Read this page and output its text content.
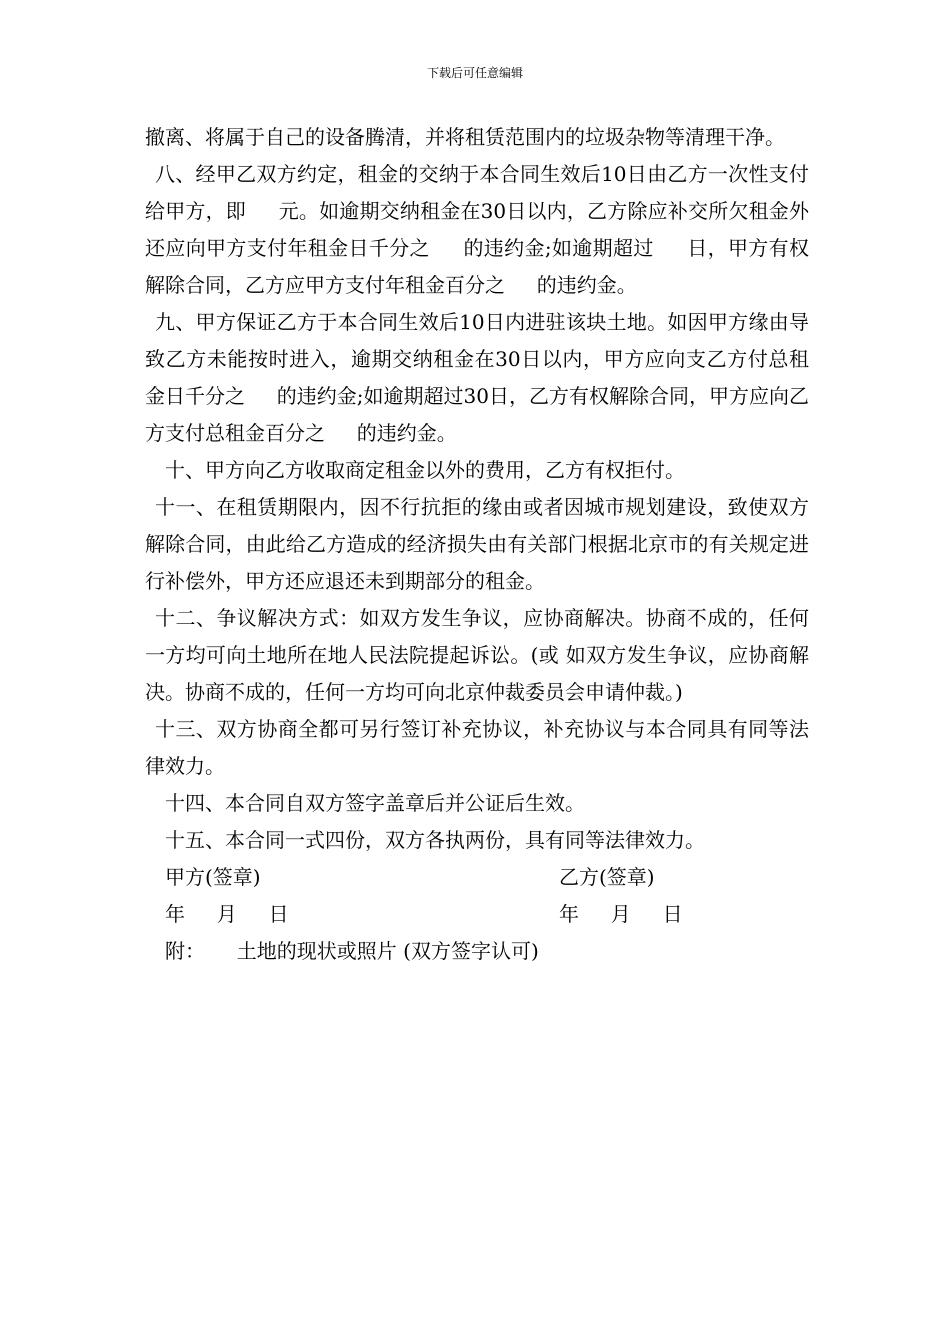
下载后可任意编辑

撤离、将属于自己的设备腾清，并将租赁范围内的垃圾杂物等清理干净。

八、经甲乙双方约定，租金的交纳于本合同生效后10日由乙方一次性支付给甲方，即     元。如逾期交纳租金在30日以内，乙方除应补交所欠租金外还应向甲方支付年租金日千分之     的违约金;如逾期超过     日，甲方有权解除合同，乙方应甲方支付年租金百分之     的违约金。

九、甲方保证乙方于本合同生效后10日内进驻该块土地。如因甲方缘由导致乙方未能按时进入，逾期交纳租金在30日以内，甲方应向支乙方付总租金日千分之     的违约金;如逾期超过30日，乙方有权解除合同，甲方应向乙方支付总租金百分之     的违约金。

十、甲方向乙方收取商定租金以外的费用，乙方有权拒付。

十一、在租赁期限内，因不行抗拒的缘由或者因城市规划建设，致使双方解除合同，由此给乙方造成的经济损失由有关部门根据北京市的有关规定进行补偿外，甲方还应退还未到期部分的租金。

十二、争议解决方式：如双方发生争议，应协商解决。协商不成的，任何一方均可向土地所在地人民法院提起诉讼。(或 如双方发生争议，应协商解决。协商不成的，任何一方均可向北京仲裁委员会申请仲裁。)

十三、双方协商全都可另行签订补充协议，补充协议与本合同具有同等法律效力。

十四、本合同自双方签字盖章后并公证后生效。

十五、本合同一式四份，双方各执两份，具有同等法律效力。

甲方(签章)

	乙方(签章)

年     月     日

	年     月     日

附：     土地的现状或照片 (双方签字认可)
